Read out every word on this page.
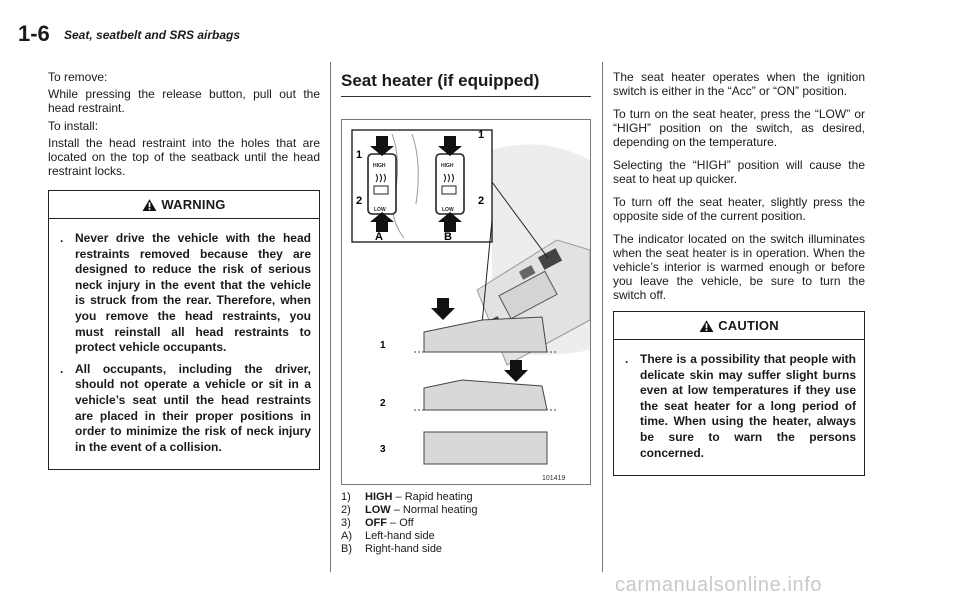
1-6 Seat, seatbelt and SRS airbags

To remove:

While pressing the release button, pull out the head restraint.

To install:

Install the head restraint into the holes that are located on the top of the seatback until the head restraint locks.

WARNING
. Never drive the vehicle with the head restraints removed because they are designed to reduce the risk of serious neck injury in the event that the vehicle is struck from the rear. Therefore, when you remove the head restraints, you must reinstall all head restraints to protect vehicle occupants.
. All occupants, including the driver, should not operate a vehicle or sit in a vehicle’s seat until the head restraints are placed in their proper positions in order to minimize the risk of neck injury in the event of a collision.
Seat heater (if equipped)
HIGH
LOW
HIGH
LOW
1
2
1
2
A	B
1
2
3
101419
1)	HIGH – Rapid heating
2)	LOW – Normal heating
3)	OFF – Off
A)	Left-hand side
B)	Right-hand side

The seat heater operates when the ignition switch is either in the “Acc” or “ON” position.

To turn on the seat heater, press the “LOW” or “HIGH” position on the switch, as desired, depending on the temperature.

Selecting the “HIGH” position will cause the seat to heat up quicker.

To turn off the seat heater, slightly press the opposite side of the current position.

The indicator located on the switch illuminates when the seat heater is in operation. When the vehicle’s interior is warmed enough or before you leave the vehicle, be sure to turn the switch off.

CAUTION
. There is a possibility that people with delicate skin may suffer slight burns even at low temperatures if they use the seat heater for a long period of time. When using the heater, always be sure to warn the persons concerned.
carmanualsonline.info
